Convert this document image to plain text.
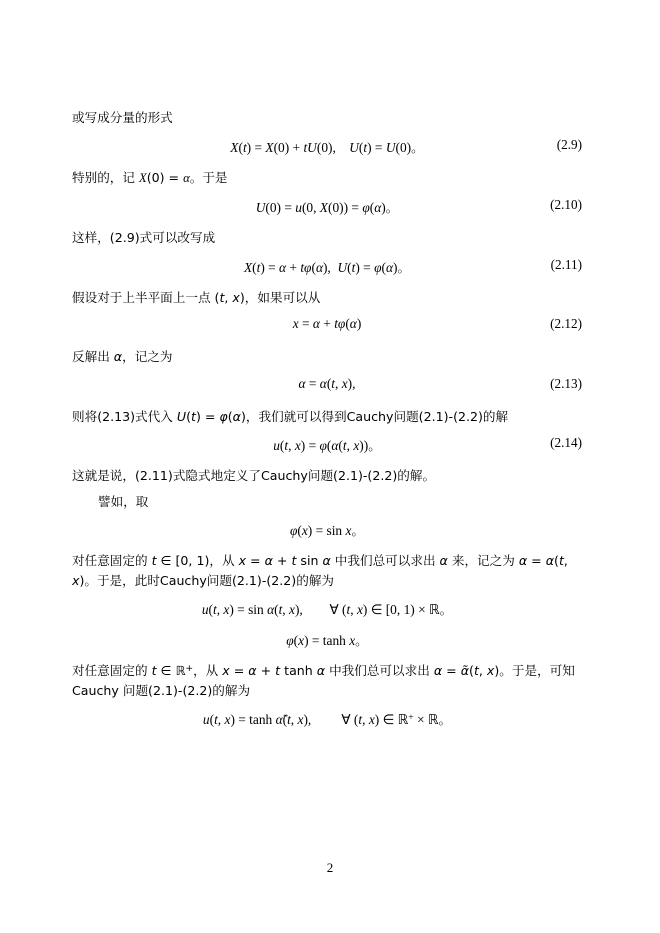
或写成分量的形式

X(t) = X(0) + tU(0), U(t) = U(0)。	(2.9)

特别的，记 X(0) = α。于是

U(0) = u(0, X(0)) = φ(α)。	(2.10)

这样，(2.9)式可以改写成

X(t) = α + tφ(α), U(t) = φ(α)。	(2.11)

假设对于上半平面上一点 (t, x)，如果可以从

x = α + tφ(α)	(2.12)

反解出 α，记之为

α = α(t, x),	(2.13)

则将(2.13)式代入 U(t) = φ(α)，我们就可以得到Cauchy问题(2.1)-(2.2)的解

u(t, x) = φ(α(t, x))。	(2.14)

这就是说，(2.11)式隐式地定义了Cauchy问题(2.1)-(2.2)的解。

譬如，取

φ(x) = sin x。

对任意固定的 t ∈ [0, 1)，从 x = α + t sin α 中我们总可以求出 α 来，记之为 α = α(t, x)。于是，此时Cauchy问题(2.1)-(2.2)的解为

u(t, x) = sin α(t, x), ∀ (t, x) ∈ [0, 1) × ℝ。

φ(x) = tanh x。

对任意固定的 t ∈ ℝ+，从 x = α + t tanh α 中我们总可以求出 α = α̃(t, x)。于是，可知 Cauchy 问题(2.1)-(2.2)的解为

u(t, x) = tanh α̃(t, x), ∀ (t, x) ∈ ℝ+ × ℝ。
2
